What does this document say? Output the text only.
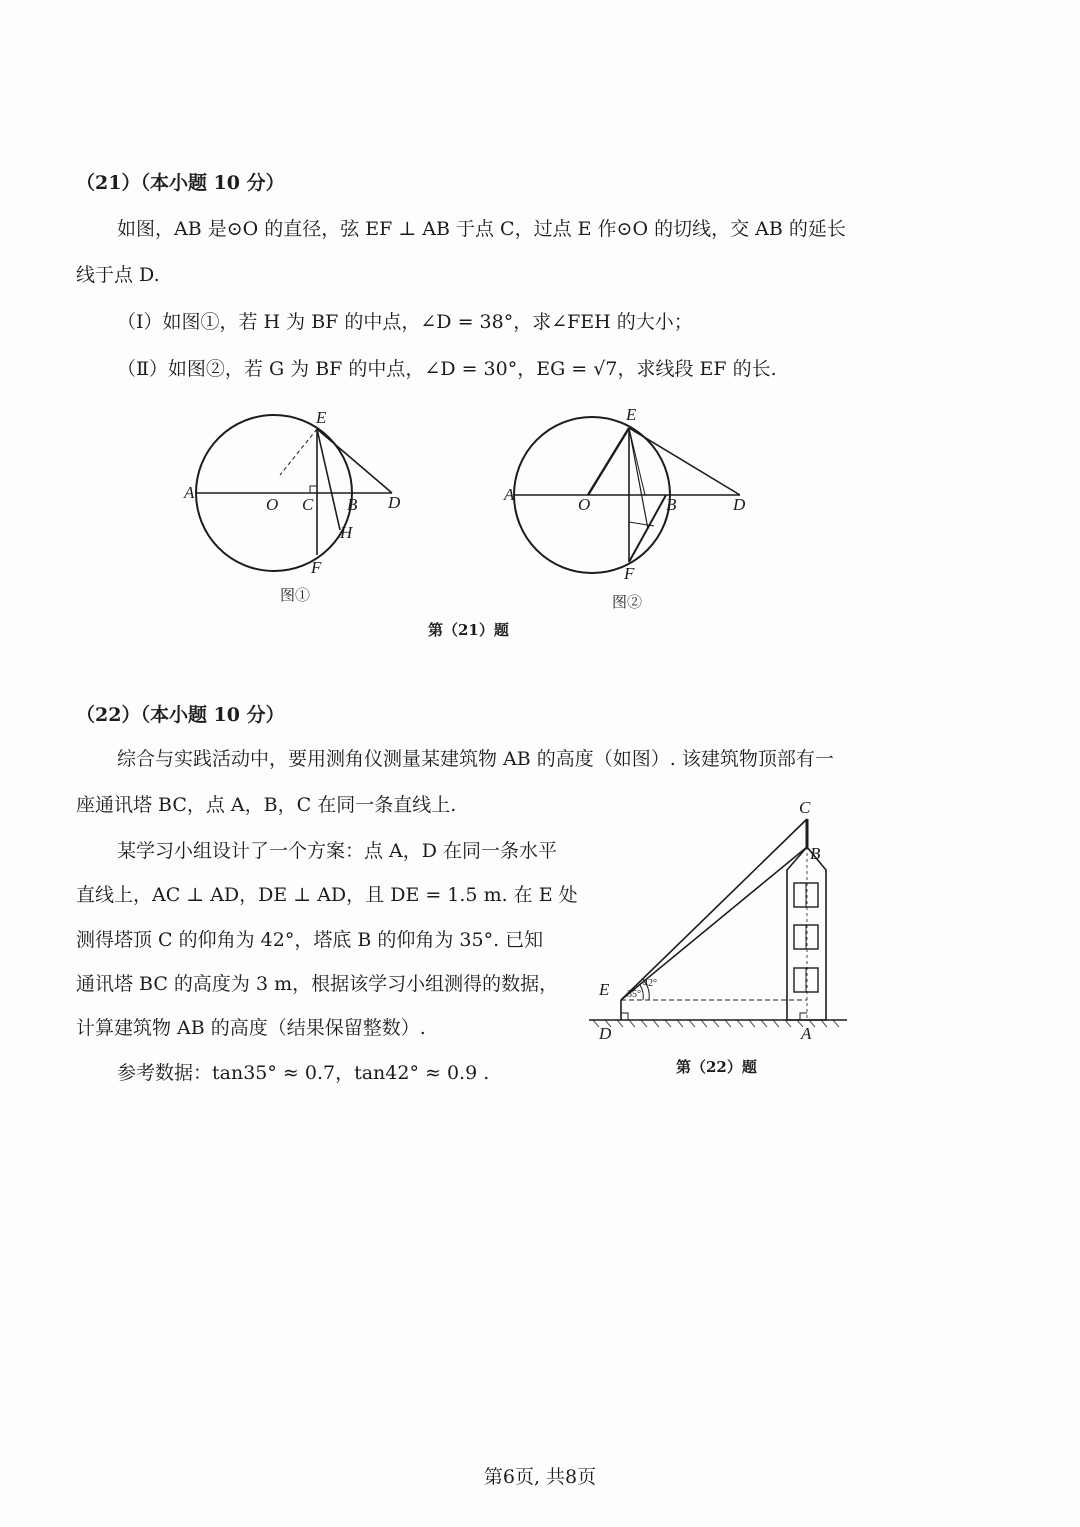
（21）（本小题 10 分）
如图，AB 是⊙O 的直径，弦 EF ⊥ AB 于点 C，过点 E 作⊙O 的切线，交 AB 的延长
线于点 D.
（Ⅰ）如图①，若 H 为 BF 的中点，∠D = 38°，求∠FEH 的大小；
（Ⅱ）如图②，若 G 为 BF 的中点，∠D = 30°，EG = √7，求线段 EF 的长.
E
A
O C B D
H
F
图①
E
A
O	B	D
F
图②
第（21）题
（22）（本小题 10 分）
综合与实践活动中，要用测角仪测量某建筑物 AB 的高度（如图）. 该建筑物顶部有一
座通讯塔 BC，点 A，B，C 在同一条直线上.
某学习小组设计了一个方案：点 A，D 在同一条水平
直线上，AC ⊥ AD，DE ⊥ AD，且 DE = 1.5 m. 在 E 处
测得塔顶 C 的仰角为 42°，塔底 B 的仰角为 35°. 已知
通讯塔 BC 的高度为 3 m，根据该学习小组测得的数据，
计算建筑物 AB 的高度（结果保留整数）.
参考数据：tan35° ≈ 0.7，tan42° ≈ 0.9 .
35°
42°
C
B
E
D	A
第（22）题
第6页, 共8页
